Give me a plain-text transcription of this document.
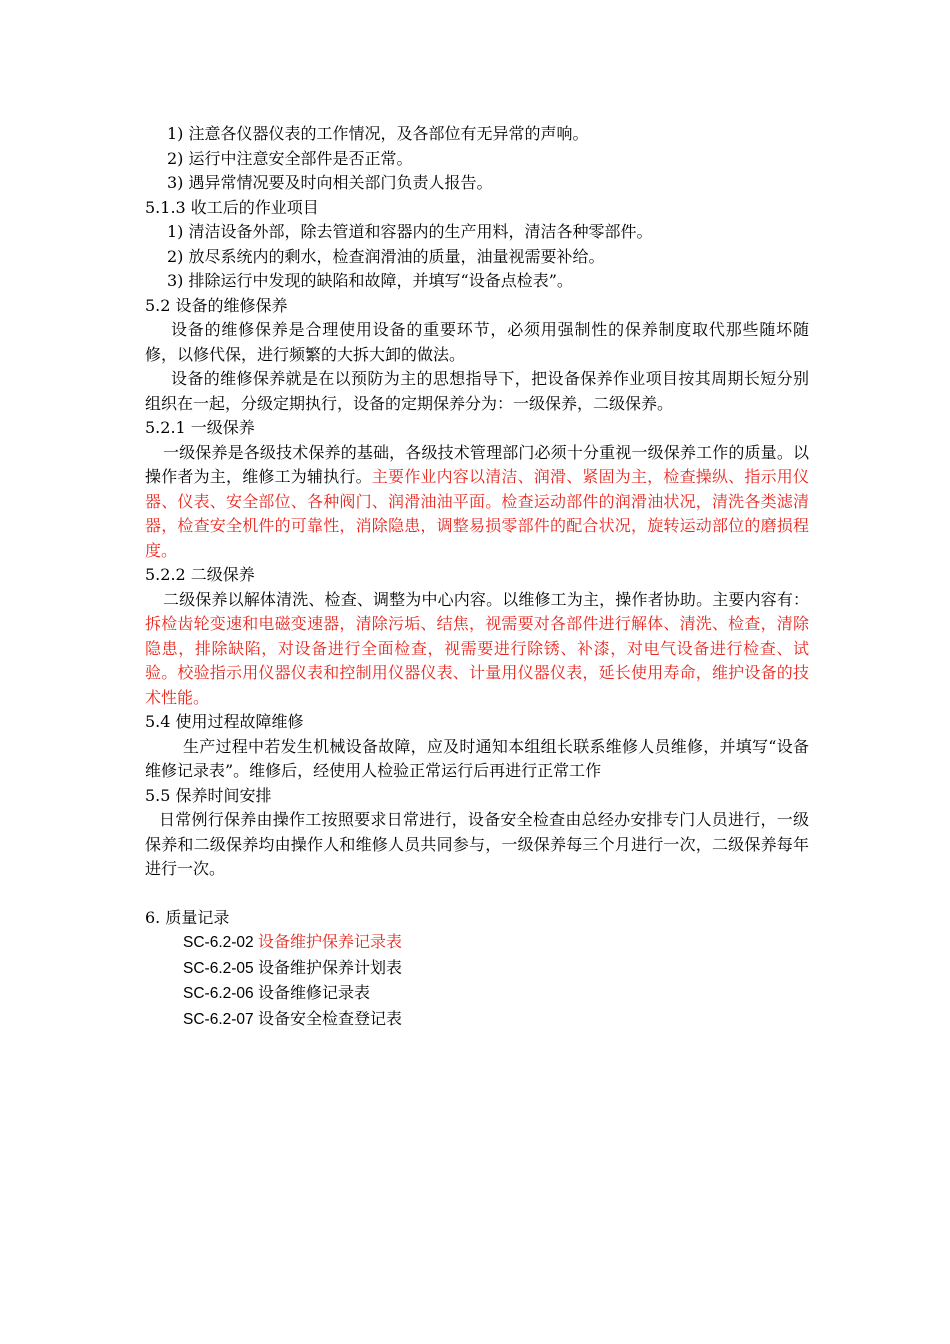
1) 注意各仪器仪表的工作情况，及各部位有无异常的声响。

2) 运行中注意安全部件是否正常。

3) 遇异常情况要及时向相关部门负责人报告。

5.1.3 收工后的作业项目

1) 清洁设备外部，除去管道和容器内的生产用料，清洁各种零部件。

2) 放尽系统内的剩水，检查润滑油的质量，油量视需要补给。

3) 排除运行中发现的缺陷和故障，并填写“设备点检表”。

5.2 设备的维修保养

设备的维修保养是合理使用设备的重要环节，必须用强制性的保养制度取代那些随坏随修，以修代保，进行频繁的大拆大卸的做法。

设备的维修保养就是在以预防为主的思想指导下，把设备保养作业项目按其周期长短分别组织在一起，分级定期执行，设备的定期保养分为：一级保养，二级保养。

5.2.1 一级保养

一级保养是各级技术保养的基础，各级技术管理部门必须十分重视一级保养工作的质量。以操作者为主，维修工为辅执行。主要作业内容以清洁、润滑、紧固为主，检查操纵、指示用仪器、仪表、安全部位、各种阀门、润滑油油平面。检查运动部件的润滑油状况，清洗各类滤清器，检查安全机件的可靠性，消除隐患，调整易损零部件的配合状况，旋转运动部位的磨损程度。

5.2.2 二级保养

二级保养以解体清洗、检查、调整为中心内容。以维修工为主，操作者协助。主要内容有：拆检齿轮变速和电磁变速器，清除污垢、结焦，视需要对各部件进行解体、清洗、检查，清除隐患，排除缺陷，对设备进行全面检查，视需要进行除锈、补漆，对电气设备进行检查、试验。校验指示用仪器仪表和控制用仪器仪表、计量用仪器仪表，延长使用寿命，维护设备的技术性能。

5.4 使用过程故障维修

生产过程中若发生机械设备故障，应及时通知本组组长联系维修人员维修，并填写“设备维修记录表”。维修后，经使用人检验正常运行后再进行正常工作

5.5 保养时间安排

日常例行保养由操作工按照要求日常进行，设备安全检查由总经办安排专门人员进行，一级保养和二级保养均由操作人和维修人员共同参与，一级保养每三个月进行一次，二级保养每年进行一次。

6. 质量记录

SC-6.2-02 设备维护保养记录表

SC-6.2-05 设备维护保养计划表

SC-6.2-06 设备维修记录表

SC-6.2-07 设备安全检查登记表
